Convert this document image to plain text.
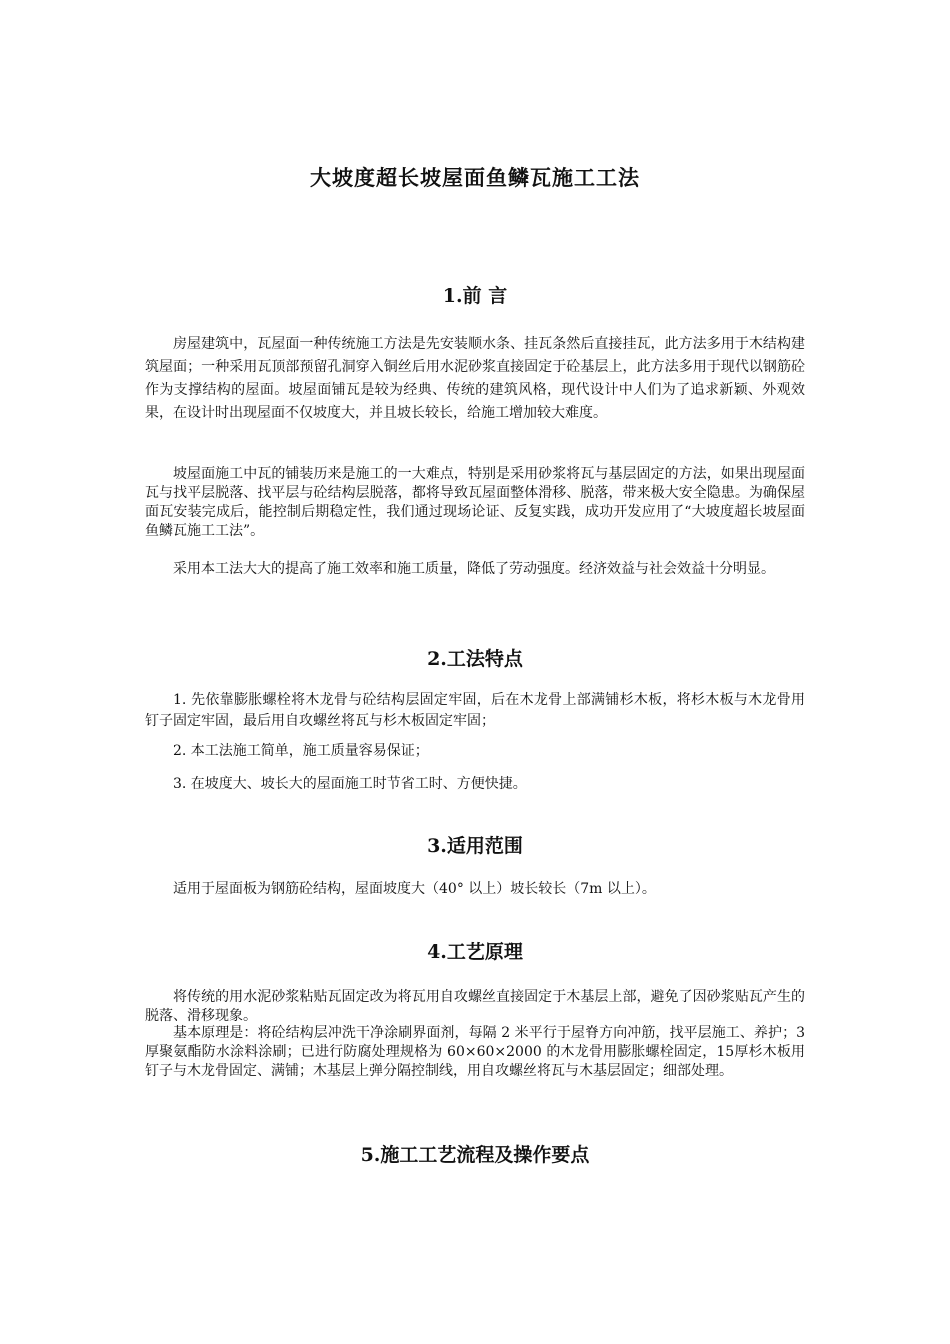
大坡度超长坡屋面鱼鳞瓦施工工法
1.前 言

房屋建筑中，瓦屋面一种传统施工方法是先安装顺水条、挂瓦条然后直接挂瓦，此方法多用于木结构建筑屋面；一种采用瓦顶部预留孔洞穿入铜丝后用水泥砂浆直接固定于砼基层上，此方法多用于现代以钢筋砼作为支撑结构的屋面。坡屋面铺瓦是较为经典、传统的建筑风格，现代设计中人们为了追求新颖、外观效果，在设计时出现屋面不仅坡度大，并且坡长较长，给施工增加较大难度。

坡屋面施工中瓦的铺装历来是施工的一大难点，特别是采用砂浆将瓦与基层固定的方法，如果出现屋面瓦与找平层脱落、找平层与砼结构层脱落，都将导致瓦屋面整体滑移、脱落，带来极大安全隐患。为确保屋面瓦安装完成后，能控制后期稳定性，我们通过现场论证、反复实践，成功开发应用了“大坡度超长坡屋面鱼鳞瓦施工工法”。

采用本工法大大的提高了施工效率和施工质量，降低了劳动强度。经济效益与社会效益十分明显。

2.工法特点

1. 先依靠膨胀螺栓将木龙骨与砼结构层固定牢固，后在木龙骨上部满铺杉木板，将杉木板与木龙骨用钉子固定牢固，最后用自攻螺丝将瓦与杉木板固定牢固；

2. 本工法施工简单，施工质量容易保证；

3. 在坡度大、坡长大的屋面施工时节省工时、方便快捷。

3.适用范围

适用于屋面板为钢筋砼结构，屋面坡度大（40° 以上）坡长较长（7m 以上）。

4.工艺原理

将传统的用水泥砂浆粘贴瓦固定改为将瓦用自攻螺丝直接固定于木基层上部，避免了因砂浆贴瓦产生的脱落、滑移现象。

基本原理是：将砼结构层冲洗干净涂刷界面剂，每隔 2 米平行于屋脊方向冲筋，找平层施工、养护；3厚聚氨酯防水涂料涂刷；已进行防腐处理规格为 60×60×2000 的木龙骨用膨胀螺栓固定，15厚杉木板用钉子与木龙骨固定、满铺；木基层上弹分隔控制线，用自攻螺丝将瓦与木基层固定；细部处理。

5.施工工艺流程及操作要点
